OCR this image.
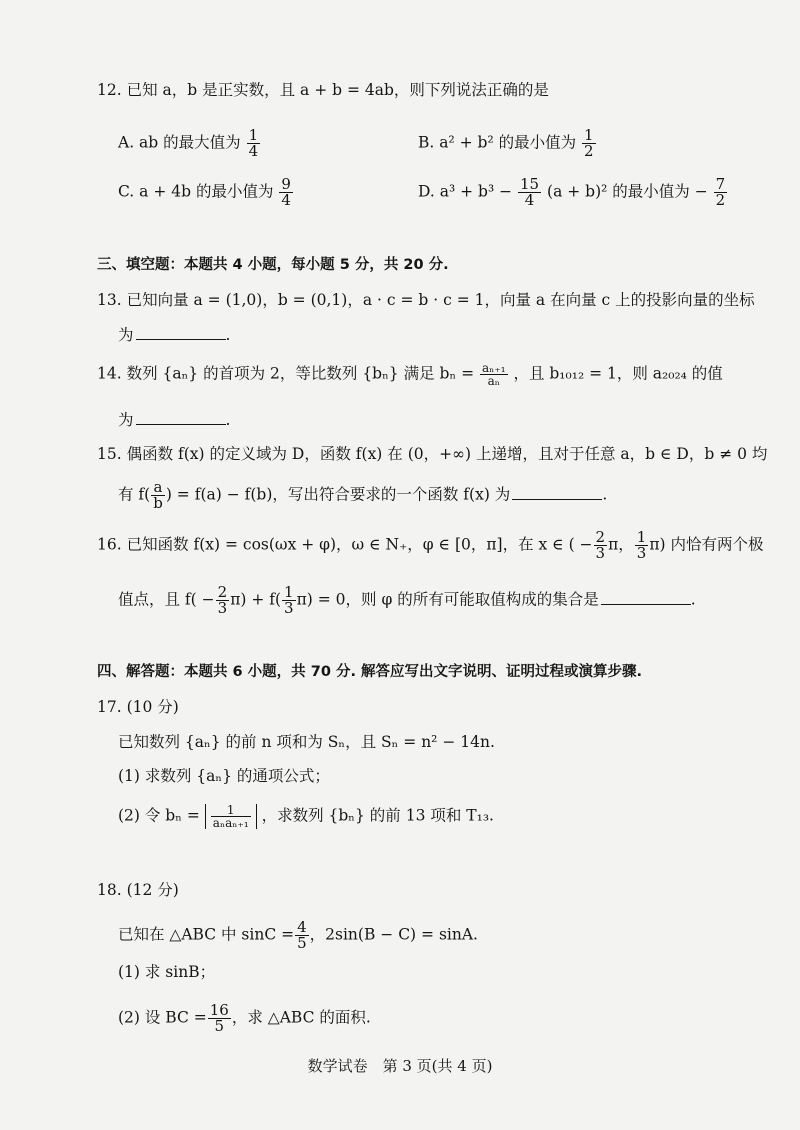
12. 已知 a，b 是正实数，且 a + b = 4ab，则下列说法正确的是
A. ab 的最大值为 $\frac{1}{4}$	B. a² + b² 的最小值为 $\frac{1}{2}$
C. a + 4b 的最小值为 $\frac{9}{4}$	D. $a^3 + b^3 - \frac{15}{4} (a + b)^2$ 的最小值为 − $\frac{7}{2}$
三、填空题：本题共 4 小题，每小题 5 分，共 20 分.
13. 已知向量 a = (1,0)，b = (0,1)，a · c = b · c = 1，向量 a 在向量 c 上的投影向量的坐标
为	.
14. 数列 {aₙ} 的首项为 2，等比数列 {bₙ} 满足 $b_n = \frac{\text{aₙ₊₁}}{\text{aₙ}}$ ，且 b₁₀₁₂ = 1，则 a₂₀₂₄ 的值
为	.
15. 偶函数 f(x) 的定义域为 D，函数 f(x) 在 (0，+∞) 上递增，且对于任意 a，b ∈ D，b ≠ 0 均
有 $f( \frac{a}{b}$ ) = f(a) − f(b)，写出符合要求的一个函数 f(x) 为	.
16. 已知函数 f(x) = cos(ωx + φ)，ω ∈ N₊，φ ∈ [0，π]，在 x ∈ ( − $\frac{2}{3}$ π， $\frac{1}{3} \pi$) 内恰有两个极
值点，且 $f( - \frac{2}{3} \pi) + f( \frac{1}{3} \pi) = 0$，则 φ 的所有可能取值构成的集合是	.
四、解答题：本题共 6 小题，共 70 分. 解答应写出文字说明、证明过程或演算步骤.
17. (10 分)
已知数列 {aₙ} 的前 n 项和为 Sₙ，且 Sₙ = n² − 14n.
(1) 求数列 {aₙ} 的通项公式；
(2) 令 $b_n = \frac{1}{\text{aₙaₙ₊₁}}$ ，求数列 {bₙ} 的前 13 项和 T₁₃.
18. (12 分)
已知在 △ABC 中 $\sin C = \frac{4}{5}$ ，2sin(B − C) = sinA.
(1) 求 sinB；
(2) 设 BC = $\frac{16}{5}$ ，求 △ABC 的面积.
数学试卷　第 3 页(共 4 页)
